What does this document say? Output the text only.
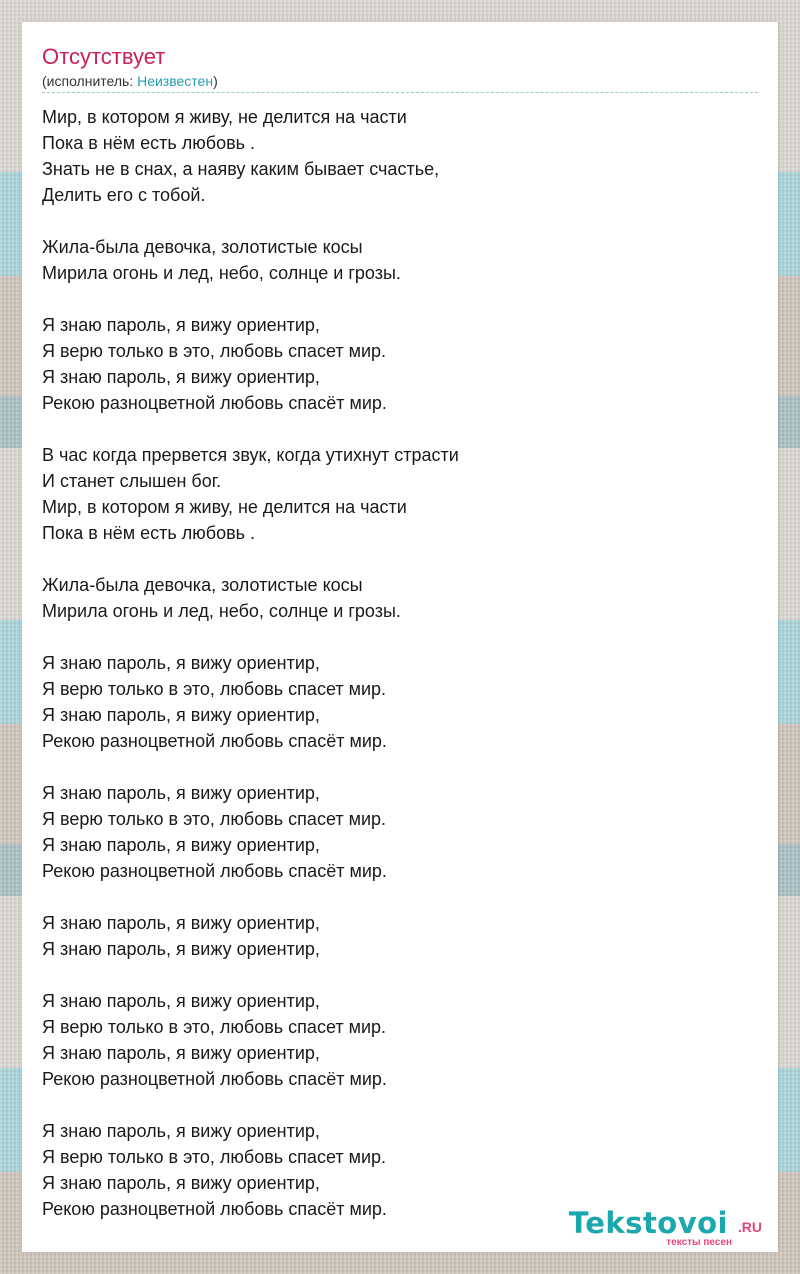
Отсутствует
(исполнитель: Неизвестен)
Мир, в котором я живу, не делится на части
Пока в нём есть любовь .
Знать не в снах, а наяву каким бывает счастье,
Делить его с тобой.
Жила-была девочка, золотистые косы
Мирила огонь и лед, небо, солнце и грозы.
Я знаю пароль, я вижу ориентир,
Я верю только в это, любовь спасет мир.
Я знаю пароль, я вижу ориентир,
Рекою разноцветной любовь спасёт мир.
В час когда прервется звук, когда утихнут страсти
И станет слышен бог.
Мир, в котором я живу, не делится на части
Пока в нём есть любовь .
Жила-была девочка, золотистые косы
Мирила огонь и лед, небо, солнце и грозы.
Я знаю пароль, я вижу ориентир,
Я верю только в это, любовь спасет мир.
Я знаю пароль, я вижу ориентир,
Рекою разноцветной любовь спасёт мир.
Я знаю пароль, я вижу ориентир,
Я верю только в это, любовь спасет мир.
Я знаю пароль, я вижу ориентир,
Рекою разноцветной любовь спасёт мир.
Я знаю пароль, я вижу ориентир,
Я знаю пароль, я вижу ориентир,
Я знаю пароль, я вижу ориентир,
Я верю только в это, любовь спасет мир.
Я знаю пароль, я вижу ориентир,
Рекою разноцветной любовь спасёт мир.
Я знаю пароль, я вижу ориентир,
Я верю только в это, любовь спасет мир.
Я знаю пароль, я вижу ориентир,
Рекою разноцветной любовь спасёт мир.	Tekstovoi .RU
тексты песен
